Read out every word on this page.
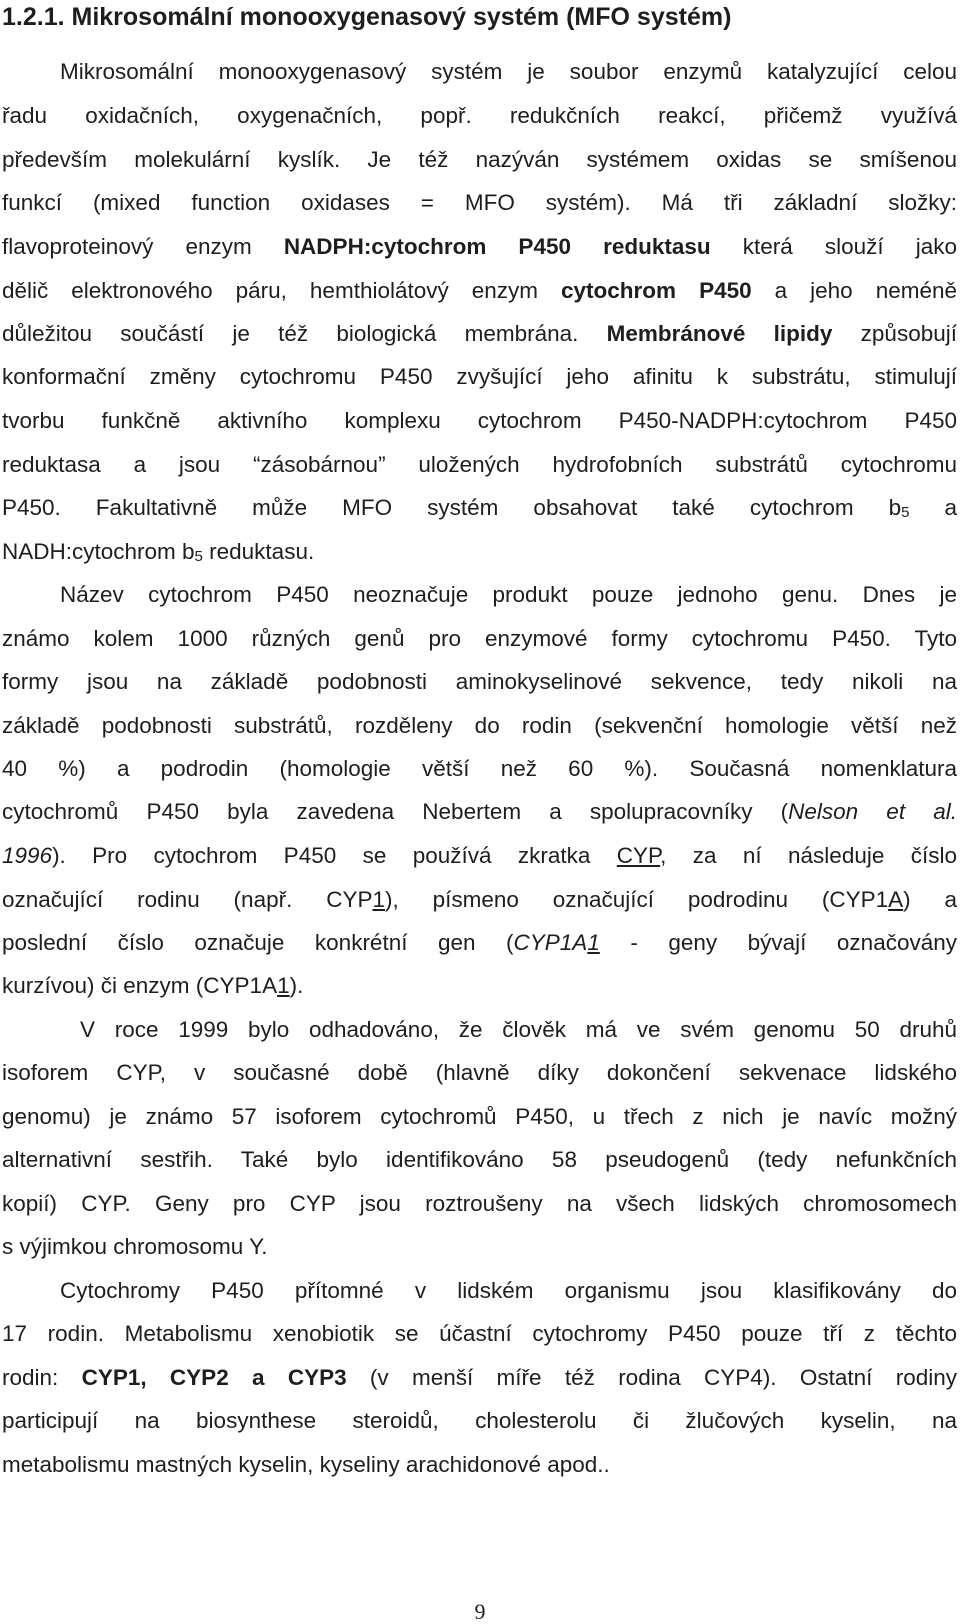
1.2.1. Mikrosomální monooxygenasový systém (MFO systém)
Mikrosomální monooxygenasový systém je soubor enzymů katalyzující celou
řadu oxidačních, oxygenačních, popř. redukčních reakcí, přičemž využívá
především molekulární kyslík. Je též nazýván systémem oxidas se smíšenou
funkcí (mixed function oxidases = MFO systém). Má tři základní složky:
flavoproteinový enzym NADPH:cytochrom P450 reduktasu která slouží jako
dělič elektronového páru, hemthiolátový enzym cytochrom P450 a jeho neméně
důležitou součástí je též biologická membrána. Membránové lipidy způsobují
konformační změny cytochromu P450 zvyšující jeho afinitu k substrátu, stimulují
tvorbu funkčně aktivního komplexu cytochrom P450-NADPH:cytochrom P450
reduktasa a jsou “zásobárnou” uložených hydrofobních substrátů cytochromu
P450. Fakultativně může MFO systém obsahovat také cytochrom $b_5$ a
NADH:cytochrom $b_5$ reduktasu.
Název cytochrom P450 neoznačuje produkt pouze jednoho genu. Dnes je
známo kolem 1000 různých genů pro enzymové formy cytochromu P450. Tyto
formy jsou na základě podobnosti aminokyselinové sekvence, tedy nikoli na
základě podobnosti substrátů, rozděleny do rodin (sekvenční homologie větší než
40 %) a podrodin (homologie větší než 60 %). Současná nomenklatura
cytochromů P450 byla zavedena Nebertem a spolupracovníky (Nelson et al.
1996). Pro cytochrom P450 se používá zkratka CYP, za ní následuje číslo
označující rodinu (např. CYP1), písmeno označující podrodinu (CYP1A) a
poslední číslo označuje konkrétní gen (CYP1A1 - geny bývají označovány
kurzívou) či enzym (CYP1A1).
V roce 1999 bylo odhadováno, že člověk má ve svém genomu 50 druhů
isoforem CYP, v současné době (hlavně díky dokončení sekvenace lidského
genomu) je známo 57 isoforem cytochromů P450, u třech z nich je navíc možný
alternativní sestřih. Také bylo identifikováno 58 pseudogenů (tedy nefunkčních
kopií) CYP. Geny pro CYP jsou roztroušeny na všech lidských chromosomech
s výjimkou chromosomu Y.
Cytochromy P450 přítomné v lidském organismu jsou klasifikovány do
17 rodin. Metabolismu xenobiotik se účastní cytochromy P450 pouze tří z těchto
rodin: CYP1, CYP2 a CYP3 (v menší míře též rodina CYP4). Ostatní rodiny
participují na biosynthese steroidů, cholesterolu či žlučových kyselin, na
metabolismu mastných kyselin, kyseliny arachidonové apod..
9
